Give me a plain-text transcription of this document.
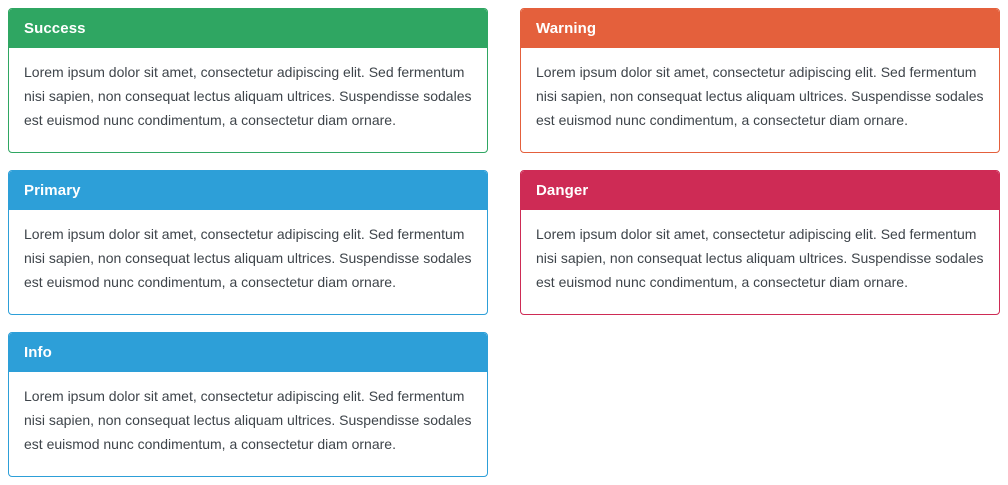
Success

Lorem ipsum dolor sit amet, consectetur adipiscing elit. Sed fermentum nisi sapien, non consequat lectus aliquam ultrices. Suspendisse sodales est euismod nunc condimentum, a consectetur diam ornare.

Warning

Lorem ipsum dolor sit amet, consectetur adipiscing elit. Sed fermentum nisi sapien, non consequat lectus aliquam ultrices. Suspendisse sodales est euismod nunc condimentum, a consectetur diam ornare.

Primary

Lorem ipsum dolor sit amet, consectetur adipiscing elit. Sed fermentum nisi sapien, non consequat lectus aliquam ultrices. Suspendisse sodales est euismod nunc condimentum, a consectetur diam ornare.

Danger

Lorem ipsum dolor sit amet, consectetur adipiscing elit. Sed fermentum nisi sapien, non consequat lectus aliquam ultrices. Suspendisse sodales est euismod nunc condimentum, a consectetur diam ornare.

Info

Lorem ipsum dolor sit amet, consectetur adipiscing elit. Sed fermentum nisi sapien, non consequat lectus aliquam ultrices. Suspendisse sodales est euismod nunc condimentum, a consectetur diam ornare.
